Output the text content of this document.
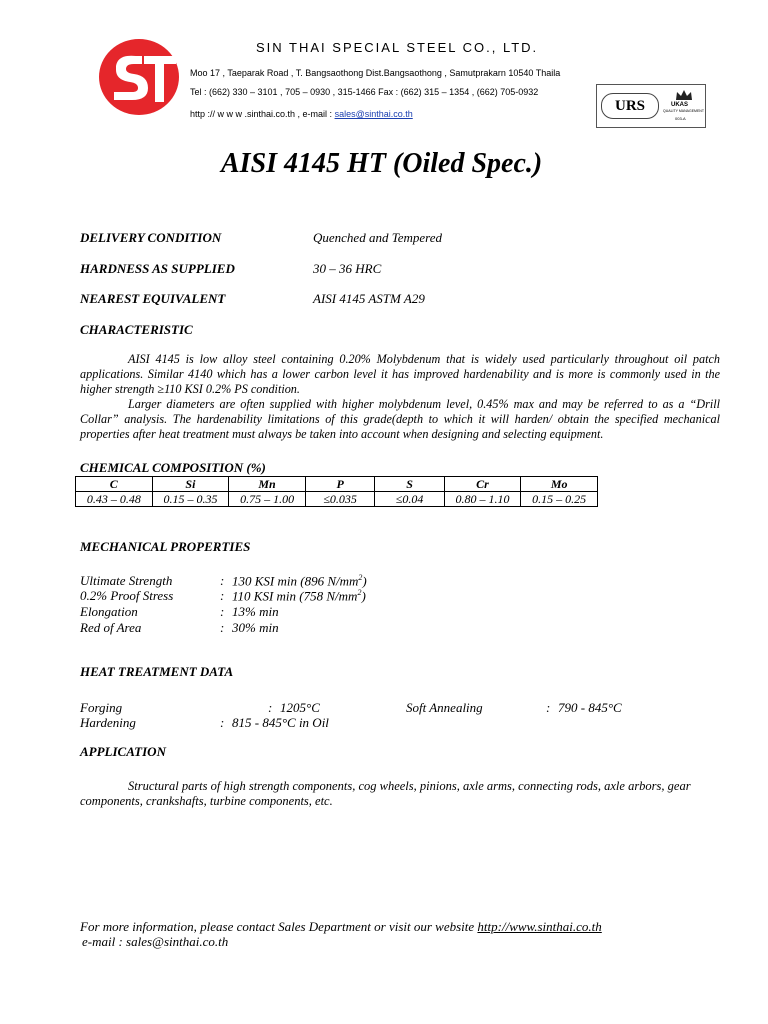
SIN THAI SPECIAL STEEL CO., LTD.
Moo 17 , Taeparak Road , T. Bangsaothong Dist.Bangsaothong , Samutprakarn 10540 Thaila
Tel : (662) 330 – 3101 , 705 – 0930 , 315-1466 Fax : (662) 315 – 1354 , (662) 705-0932
http :// w w w .sinthai.co.th , e-mail : sales@sinthai.co.th	URS	UKAS
QUALITY MANAGEMENT
003-A
AISI 4145 HT (Oiled Spec.)
DELIVERY CONDITION	Quenched and Tempered
HARDNESS AS SUPPLIED	30 – 36 HRC
NEAREST EQUIVALENT	AISI 4145 ASTM A29
CHARACTERISTIC

AISI 4145 is low alloy steel containing 0.20% Molybdenum that is widely used particularly throughout oil patch applications. Similar 4140 which has a lower carbon level it has improved hardenability and is more is commonly used in the higher strength ≥110 KSI 0.2% PS condition.

Larger diameters are often supplied with higher molybdenum level, 0.45% max and may be referred to as a “Drill Collar” analysis. The hardenability limitations of this grade(depth to which it will harden/ obtain the specified mechanical properties after heat treatment must always be taken into account when designing and selecting equipment.

CHEMICAL COMPOSITION (%)
C	Si	Mn	P	S	Cr	Mo
0.43 – 0.48	0.15 – 0.35	0.75 – 1.00	≤0.035	≤0.04	0.80 – 1.10	0.15 – 0.25
MECHANICAL PROPERTIES
Ultimate Strength	: 130 KSI min (896 $N/mm^2$)
0.2% Proof Stress	: 110 KSI min (758 $N/mm^2$)
Elongation	: 13% min
Red of Area	: 30% min
HEAT TREATMENT DATA
Forging	: 1205°C	Soft Annealing	: 790 - 845°C
Hardening	: 815 - 845°C in Oil
APPLICATION

Structural parts of high strength components, cog wheels, pinions, axle arms, connecting rods, axle arbors, gear components, crankshafts, turbine components, etc.

For more information, please contact Sales Department or visit our website http://www.sinthai.co.th
e-mail : sales@sinthai.co.th
